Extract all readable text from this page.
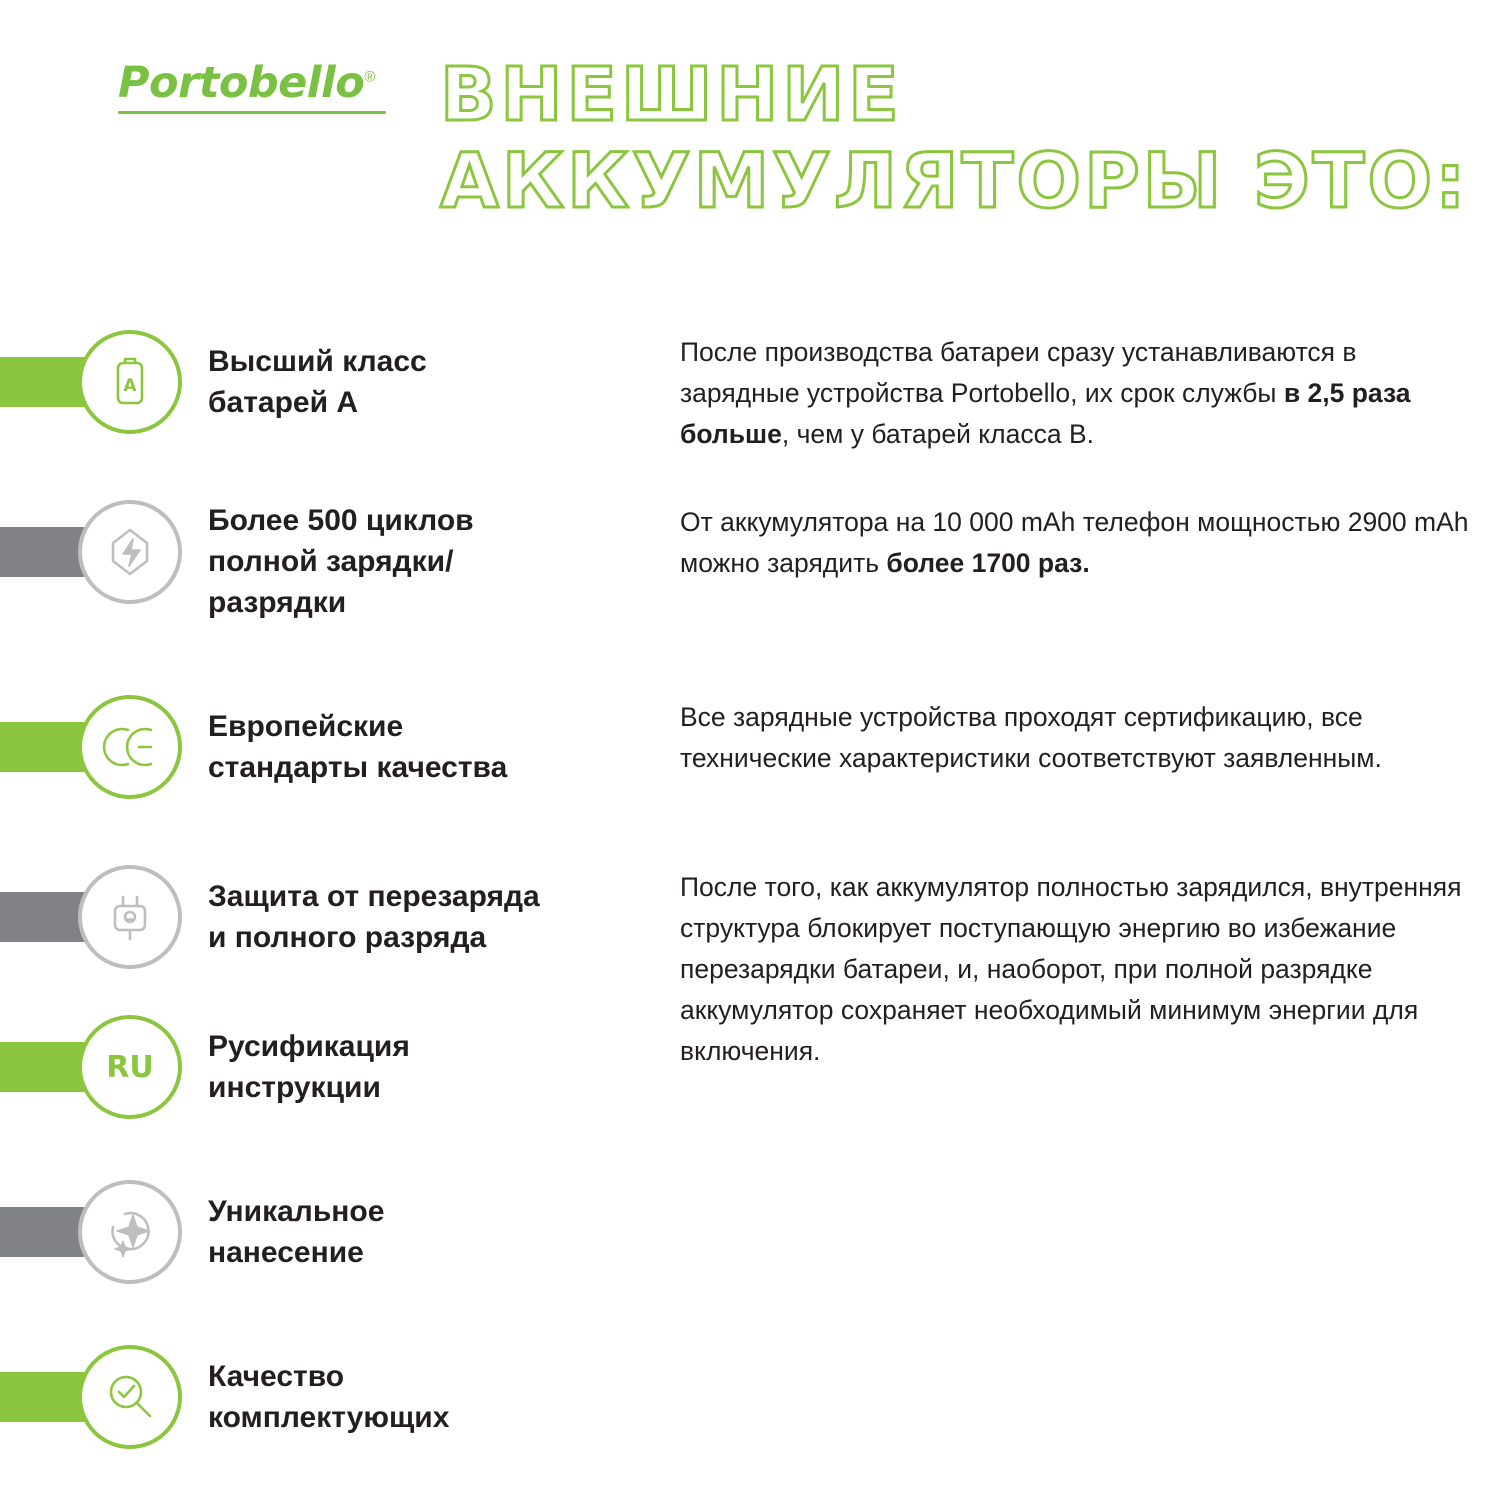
Portobello® ВНЕШНИЕ
АККУМУЛЯТОРЫ ЭТО:
A
Высший класс
батарей А
После производства батареи сразу устанавливаются в зарядные устройства Portobello, их срок службы в 2,5 раза больше, чем у батарей класса B.
Более 500 циклов
полной зарядки/
разрядки
От аккумулятора на 10 000 mAh телефон мощностью 2900 mAh можно зарядить более 1700 раз.
Европейские
стандарты качества
Все зарядные устройства проходят сертификацию, все технические характеристики соответствуют заявленным.
Защита от перезаряда
и полного разряда
После того, как аккумулятор полностью зарядился, внутренняя структура блокирует поступающую энергию во избежание перезарядки батареи, и, наоборот, при полной разрядке аккумулятор сохраняет необходимый минимум энергии для включения.
RU
Русификация
инструкции
Уникальное
нанесение
Качество
комплектующих
